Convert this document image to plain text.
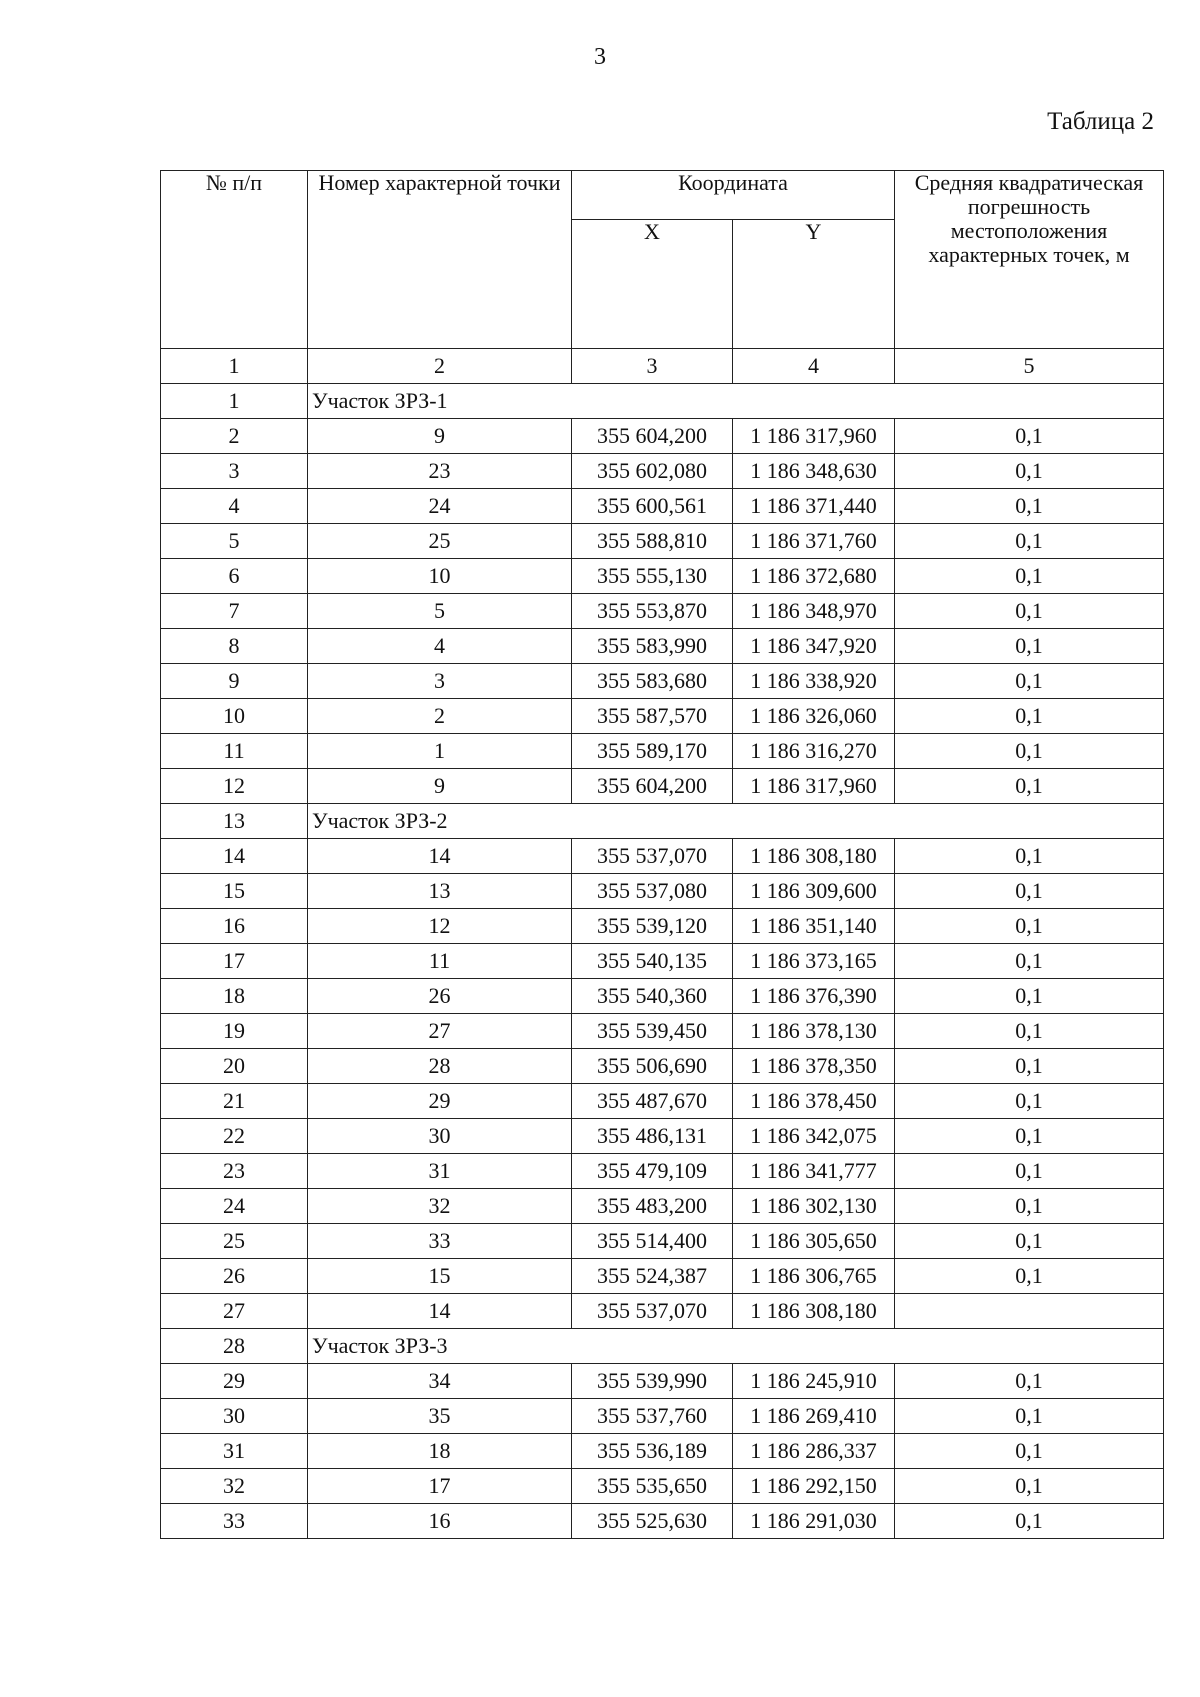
3
Таблица 2
№ п/п	Номер характерной точки	Координата		Средняя квадратическая погрешность местоположения характерных точек, м
		X	Y	
1	2	3	4	5
1	Участок ЗРЗ-1			
2	9	355 604,200	1 186 317,960	0,1
3	23	355 602,080	1 186 348,630	0,1
4	24	355 600,561	1 186 371,440	0,1
5	25	355 588,810	1 186 371,760	0,1
6	10	355 555,130	1 186 372,680	0,1
7	5	355 553,870	1 186 348,970	0,1
8	4	355 583,990	1 186 347,920	0,1
9	3	355 583,680	1 186 338,920	0,1
10	2	355 587,570	1 186 326,060	0,1
11	1	355 589,170	1 186 316,270	0,1
12	9	355 604,200	1 186 317,960	0,1
13	Участок ЗРЗ-2			
14	14	355 537,070	1 186 308,180	0,1
15	13	355 537,080	1 186 309,600	0,1
16	12	355 539,120	1 186 351,140	0,1
17	11	355 540,135	1 186 373,165	0,1
18	26	355 540,360	1 186 376,390	0,1
19	27	355 539,450	1 186 378,130	0,1
20	28	355 506,690	1 186 378,350	0,1
21	29	355 487,670	1 186 378,450	0,1
22	30	355 486,131	1 186 342,075	0,1
23	31	355 479,109	1 186 341,777	0,1
24	32	355 483,200	1 186 302,130	0,1
25	33	355 514,400	1 186 305,650	0,1
26	15	355 524,387	1 186 306,765	0,1
27	14	355 537,070	1 186 308,180	
28	Участок ЗРЗ-3			
29	34	355 539,990	1 186 245,910	0,1
30	35	355 537,760	1 186 269,410	0,1
31	18	355 536,189	1 186 286,337	0,1
32	17	355 535,650	1 186 292,150	0,1
33	16	355 525,630	1 186 291,030	0,1
